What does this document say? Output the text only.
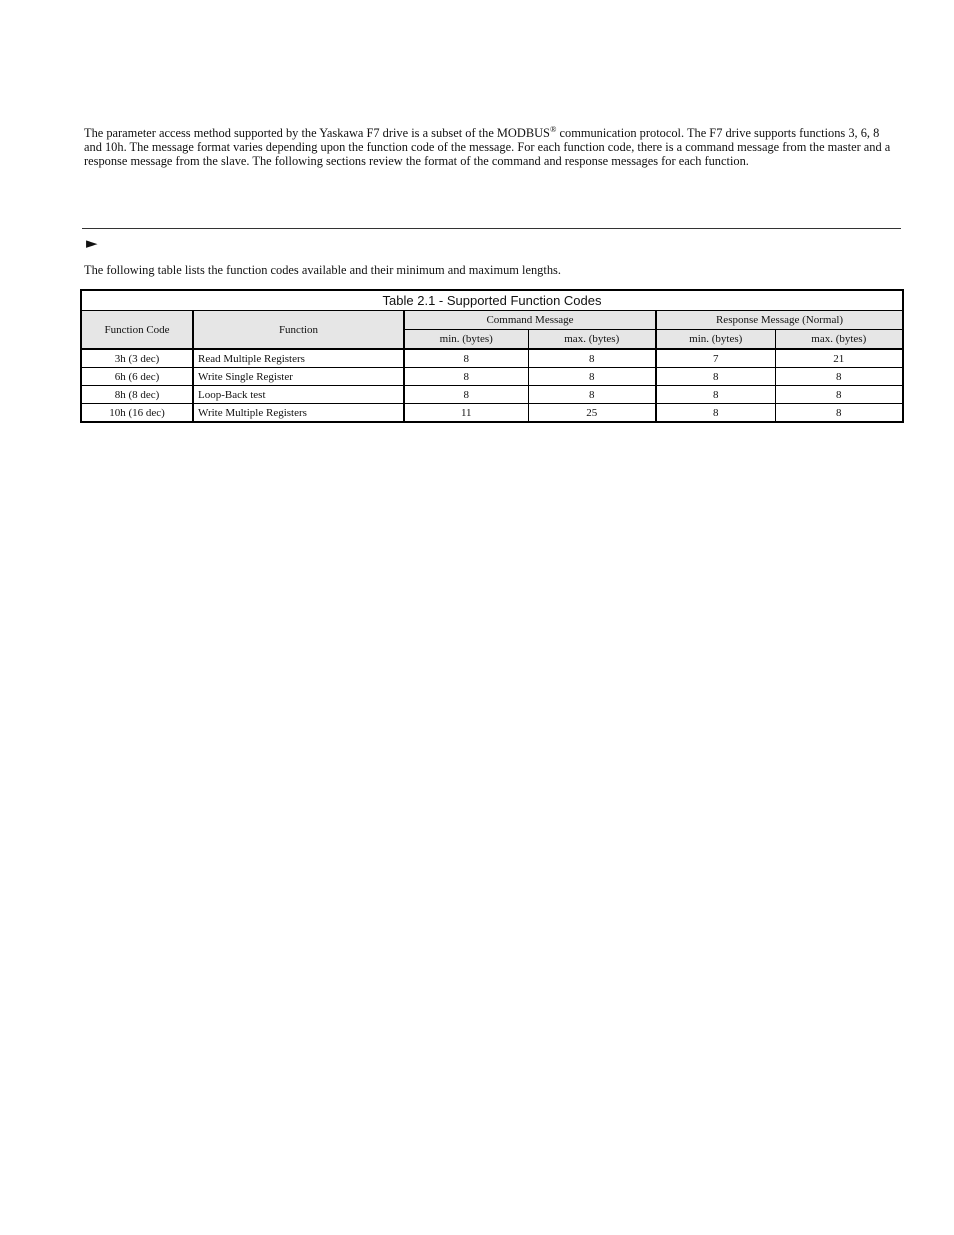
The parameter access method supported by the Yaskawa F7 drive is a subset of the MODBUS® communication protocol. The F7 drive supports functions 3, 6, 8 and 10h. The message format varies depending upon the function code of the message. For each function code, there is a command message from the master and a response message from the slave. The following sections review the format of the command and response messages for each function.

►

The following table lists the function codes available and their minimum and maximum lengths.

Table 2.1 - Supported Function Codes					
Function Code	Function	Command Message		Response Message (Normal)	
		min. (bytes)	max. (bytes)	min. (bytes)	max. (bytes)
3h (3 dec)	Read Multiple Registers	8	8	7	21
6h (6 dec)	Write Single Register	8	8	8	8
8h (8 dec)	Loop-Back test	8	8	8	8
10h (16 dec)	Write Multiple Registers	11	25	8	8
